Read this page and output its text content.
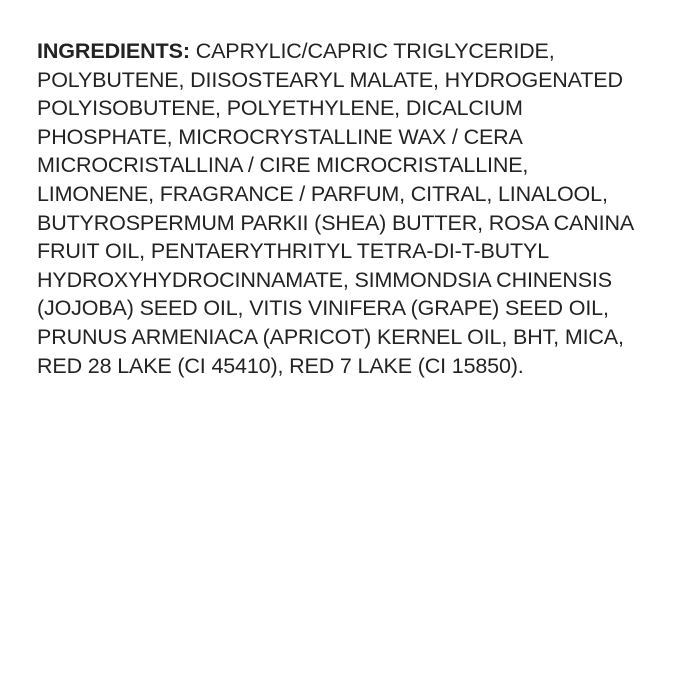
INGREDIENTS: CAPRYLIC/CAPRIC TRIGLYCERIDE,
POLYBUTENE, DIISOSTEARYL MALATE, HYDROGENATED
POLYISOBUTENE, POLYETHYLENE, DICALCIUM
PHOSPHATE, MICROCRYSTALLINE WAX / CERA
MICROCRISTALLINA / CIRE MICROCRISTALLINE,
LIMONENE, FRAGRANCE / PARFUM, CITRAL, LINALOOL,
BUTYROSPERMUM PARKII (SHEA) BUTTER, ROSA CANINA
FRUIT OIL, PENTAERYTHRITYL TETRA-DI-T-BUTYL
HYDROXYHYDROCINNAMATE, SIMMONDSIA CHINENSIS
(JOJOBA) SEED OIL, VITIS VINIFERA (GRAPE) SEED OIL,
PRUNUS ARMENIACA (APRICOT) KERNEL OIL, BHT, MICA,
RED 28 LAKE (CI 45410), RED 7 LAKE (CI 15850).
